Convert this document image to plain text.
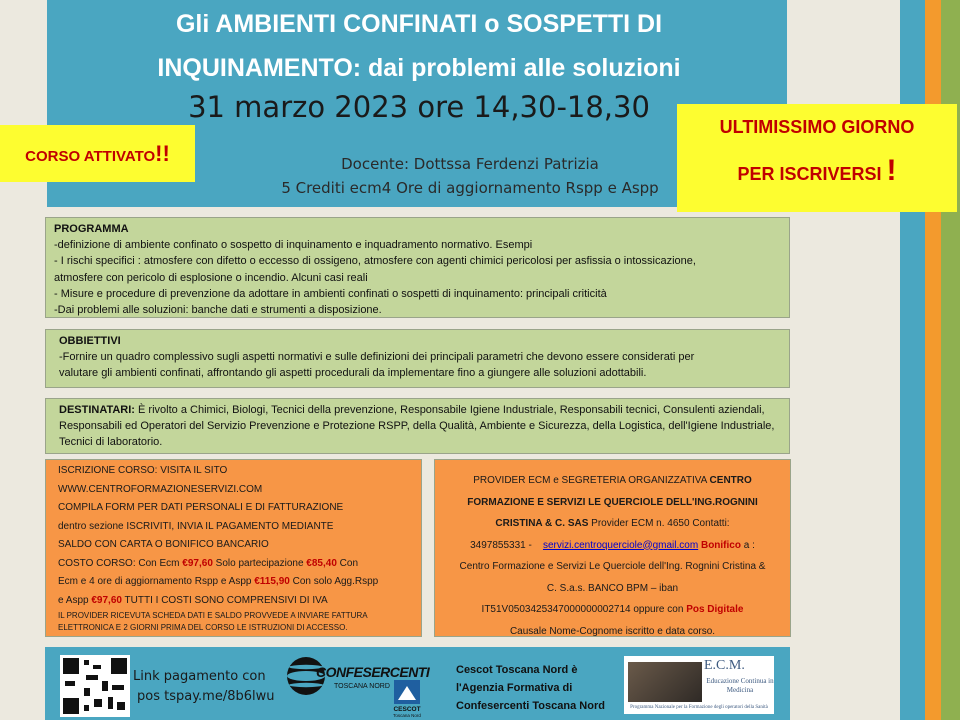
Gli AMBIENTI CONFINATI o SOSPETTI DI
INQUINAMENTO: dai problemi alle soluzioni
31 marzo 2023 ore 14,30-18,30
Docente: Dottssa Ferdenzi Patrizia
5 Crediti ecm4 Ore di aggiornamento Rspp e Aspp
CORSO ATTIVATO!!
ULTIMISSIMO GIORNO
PER ISCRIVERSI !

PROGRAMMA

-definizione di ambiente confinato o sospetto di inquinamento e inquadramento normativo. Esempi

- I rischi specifici : atmosfere con difetto o eccesso di ossigeno, atmosfere con agenti chimici pericolosi per asfissia o intossicazione,

atmosfere con pericolo di esplosione o incendio. Alcuni casi reali

- Misure e procedure di prevenzione da adottare in ambienti confinati o sospetti di inquinamento: principali criticità

-Dai problemi alle soluzioni: banche dati e strumenti a disposizione.

OBBIETTIVI

-Fornire un quadro complessivo sugli aspetti normativi e sulle definizioni dei principali parametri che devono essere considerati per

valutare gli ambienti confinati, affrontando gli aspetti procedurali da implementare fino a giungere alle soluzioni adottabili.

DESTINATARI: È rivolto a Chimici, Biologi, Tecnici della prevenzione, Responsabile Igiene Industriale, Responsabili tecnici, Consulenti aziendali, Responsabili ed Operatori del Servizio Prevenzione e Protezione RSPP, della Qualità, Ambiente e Sicurezza, della Logistica, dell'Igiene Industriale, Tecnici di laboratorio.

ISCRIZIONE CORSO: VISITA IL SITO
WWW.CENTROFORMAZIONESERVIZI.COM
COMPILA FORM PER DATI PERSONALI E DI FATTURAZIONE
dentro sezione ISCRIVITI, INVIA IL PAGAMENTO MEDIANTE
SALDO CON CARTA O BONIFICO BANCARIO
COSTO CORSO: Con Ecm €97,60 Solo partecipazione €85,40 Con
Ecm e 4 ore di aggiornamento Rspp e Aspp €115,90 Con solo Agg.Rspp
e Aspp €97,60 TUTTI I COSTI SONO COMPRENSIVI DI IVA
IL PROVIDER RICEVUTA SCHEDA DATI E SALDO PROVVEDE A INVIARE FATTURA
ELETTRONICA E 2 GIORNI PRIMA DEL CORSO LE ISTRUZIONI DI ACCESSO.
PROVIDER ECM e SEGRETERIA ORGANIZZATIVA CENTRO
FORMAZIONE E SERVIZI LE QUERCIOLE DELL'ING.ROGNINI
CRISTINA & C. SAS Provider ECM n. 4650 Contatti:
3497855331 - servizi.centroquerciole@gmail.com Bonifico a :
Centro Formazione e Servizi Le Querciole dell'Ing. Rognini Cristina &
C. S.a.s. BANCO BPM – iban
IT51V0503425347000000002714 oppure con Pos Digitale
Causale Nome-Cognome iscritto e data corso.
Link pagamento con
pos tspay.me/8b6lwu
CONFESERCENTI
TOSCANA NORD
CESCOT
Toscana Nord
Cescot Toscana Nord è
l'Agenzia Formativa di
Confesercenti Toscana Nord
E.C.M.
Educazione Continua in Medicina
Programma Nazionale per la Formazione degli operatori della Sanità
